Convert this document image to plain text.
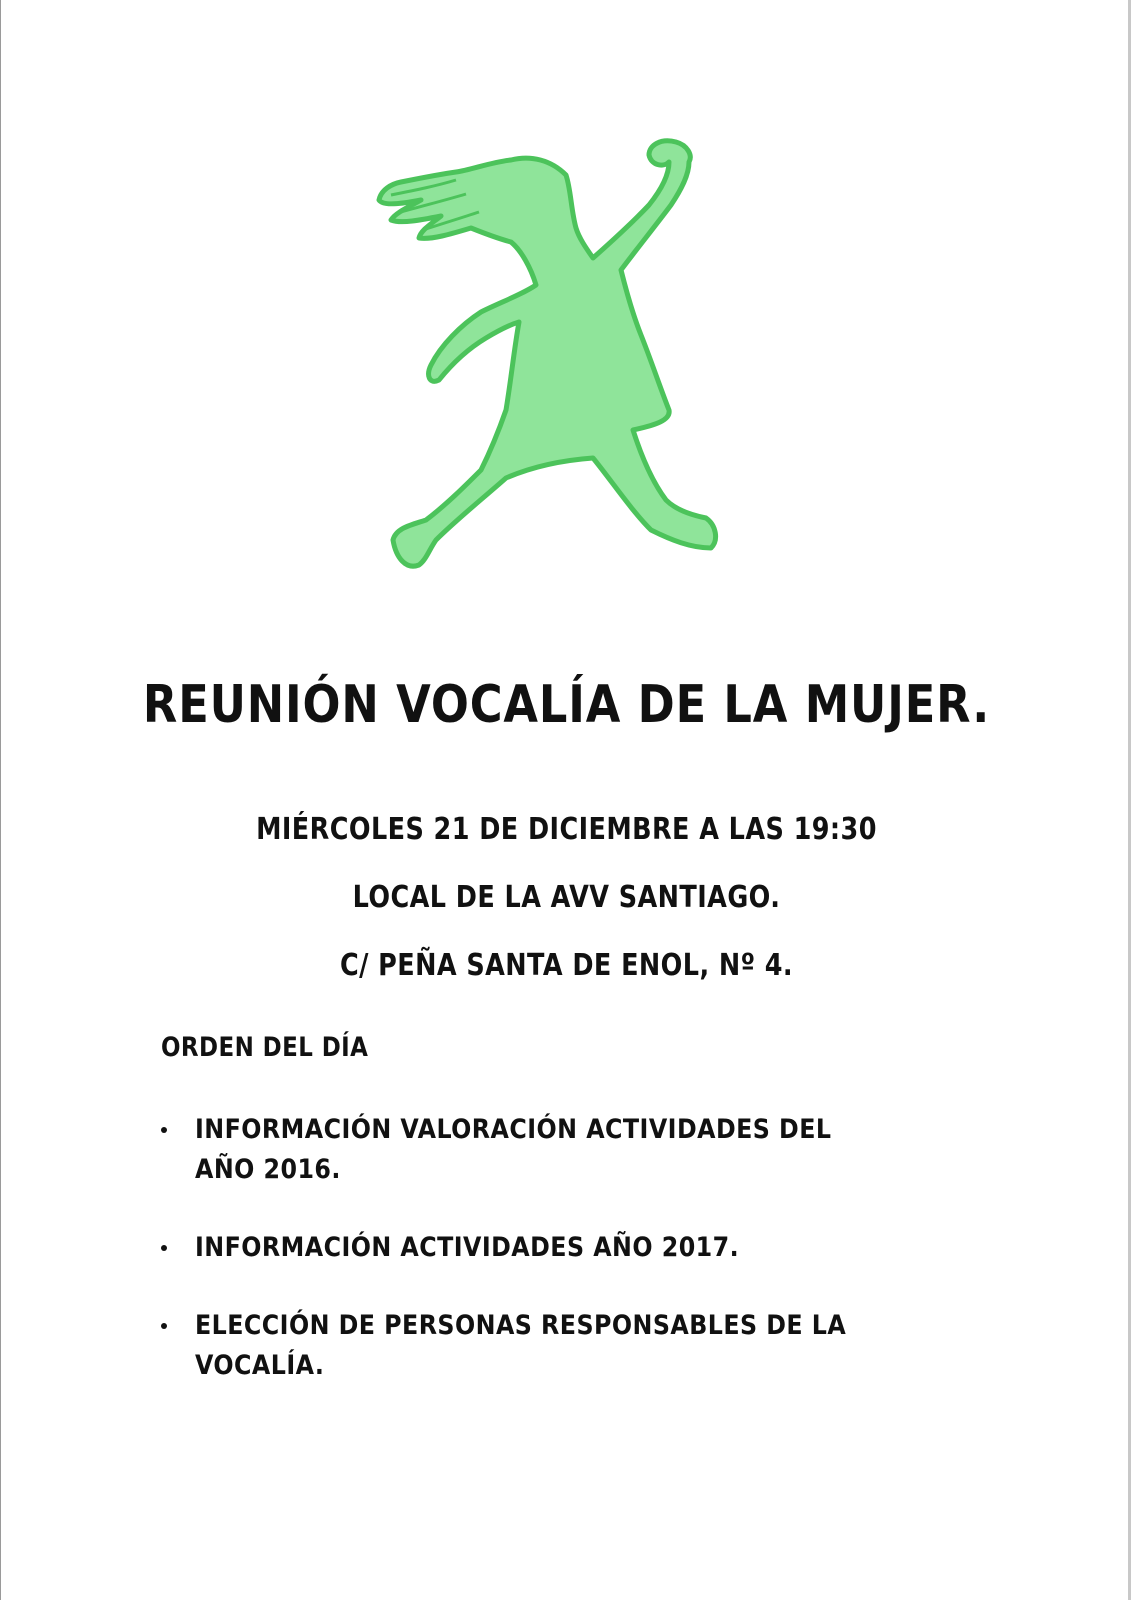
REUNIÓN VOCALÍA DE LA MUJER.
MIÉRCOLES 21 DE DICIEMBRE A LAS 19:30
LOCAL DE LA AVV SANTIAGO.
C/ PEÑA SANTA DE ENOL, Nº 4.
ORDEN DEL DÍA
INFORMACIÓN VALORACIÓN ACTIVIDADES DEL
AÑO 2016.
INFORMACIÓN ACTIVIDADES AÑO 2017.
ELECCIÓN DE PERSONAS RESPONSABLES DE LA
VOCALÍA.
